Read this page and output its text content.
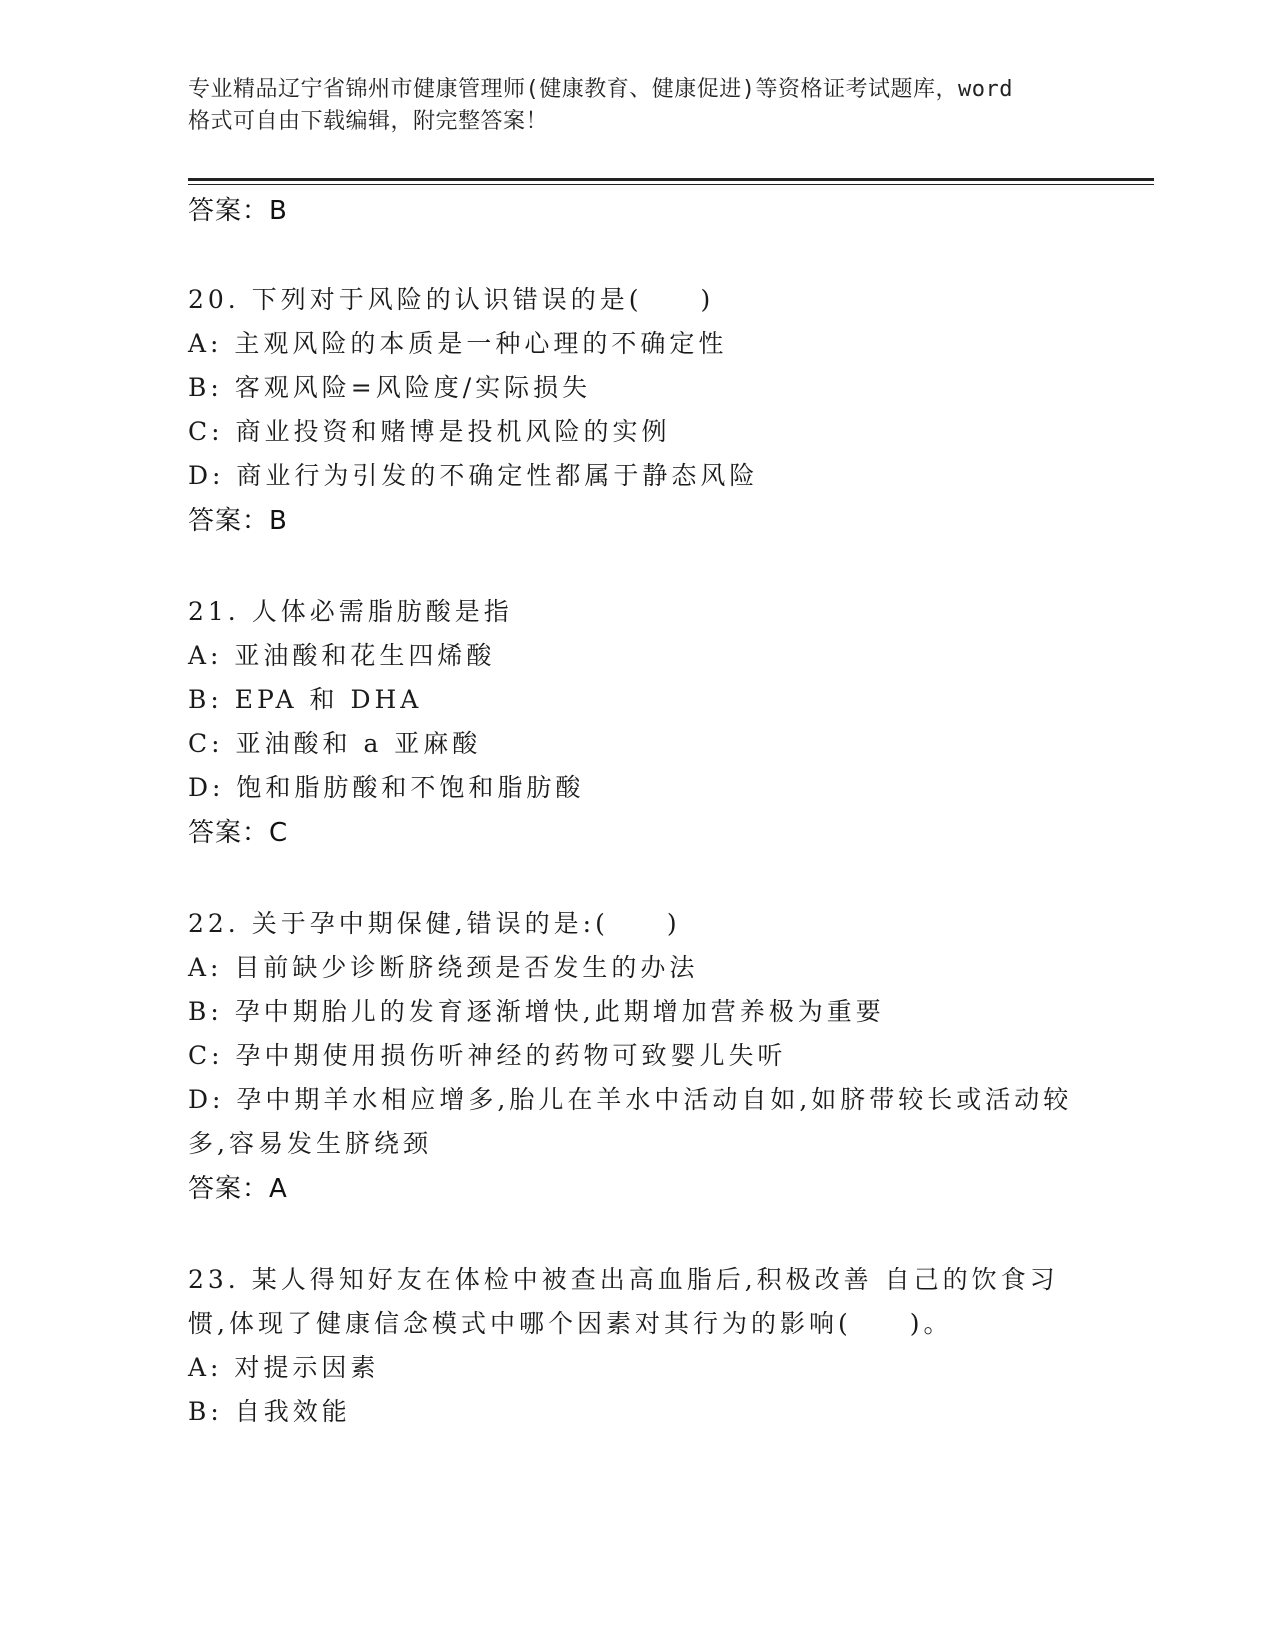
专业精品辽宁省锦州市健康管理师(健康教育、健康促进)等资格证考试题库，word
格式可自由下载编辑，附完整答案！
答案：B
20. 下列对于风险的认识错误的是(　　)
A: 主观风险的本质是一种心理的不确定性
B: 客观风险=风险度/实际损失
C: 商业投资和赌博是投机风险的实例
D: 商业行为引发的不确定性都属于静态风险
答案：B
21. 人体必需脂肪酸是指
A: 亚油酸和花生四烯酸
B: EPA 和 DHA
C: 亚油酸和 a 亚麻酸
D: 饱和脂肪酸和不饱和脂肪酸
答案：C
22. 关于孕中期保健,错误的是:(　　)
A: 目前缺少诊断脐绕颈是否发生的办法
B: 孕中期胎儿的发育逐渐增快,此期增加营养极为重要
C: 孕中期使用损伤听神经的药物可致婴儿失听
D: 孕中期羊水相应增多,胎儿在羊水中活动自如,如脐带较长或活动较
多,容易发生脐绕颈
答案：A
23. 某人得知好友在体检中被查出高血脂后,积极改善 自己的饮食习
惯,体现了健康信念模式中哪个因素对其行为的影响(　　)。
A: 对提示因素
B: 自我效能
